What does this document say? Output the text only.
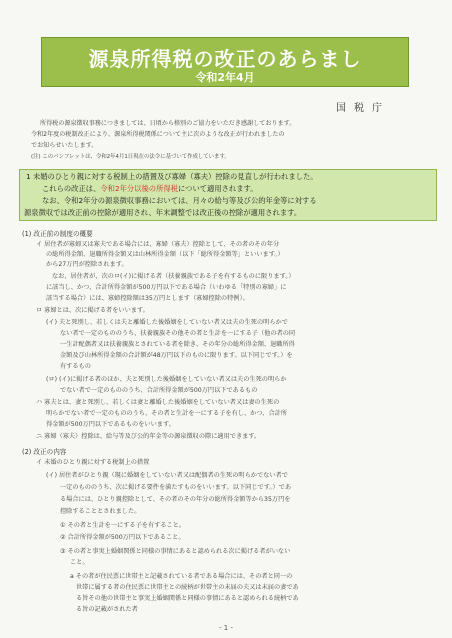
源泉所得税の改正のあらまし
令和2年4月
国税庁
所得税の源泉徴収事務につきましては、日頃から格別のご協力をいただき感謝しております。
令和2年度の税制改正により、源泉所得税関係について主に次のような改正が行われましたの
でお知らせいたします。
(注) このパンフレットは、令和2年4月1日現在の法令に基づいて作成しています。
1 未婚のひとり親に対する税制上の措置及び寡婦（寡夫）控除の見直しが行われました。
これらの改正は、令和2年分以後の所得税について適用されます。
なお、令和2年分の源泉徴収事務においては、月々の給与等及び公的年金等に対する
源泉徴収では改正前の控除が適用され、年末調整では改正後の控除が適用されます。
(1) 改正前の制度の概要
イ 居住者が寡婦又は寡夫である場合には、寡婦（寡夫）控除として、その者のその年分
の総所得金額、退職所得金額又は山林所得金額（以下「総所得金額等」といいます。）
から27万円が控除されます。
なお、居住者が、次のロ(イ)に掲げる者（扶養親族である子を有するものに限ります。）
に該当し、かつ、合計所得金額が500万円以下である場合（いわゆる「特別の寡婦」に
該当する場合）には、寡婦控除額は35万円とします（寡婦控除の特例）。
ロ 寡婦とは、次に掲げる者をいいます。
(イ) 夫と死別し、若しくは夫と離婚した後婚姻をしていない者又は夫の生死の明らかで
ない者で一定のもののうち、扶養親族その他その者と生計を一にする子（他の者の同
一生計配偶者又は扶養親族とされている者を除き、その年分の総所得金額、退職所得
金額及び山林所得金額の合計額が48万円以下のものに限ります。以下同じです。）を
有するもの
(ロ) (イ)に掲げる者のほか、夫と死別した後婚姻をしていない者又は夫の生死の明らか
でない者で一定のもののうち、合計所得金額が500万円以下であるもの
ハ 寡夫とは、妻と死別し、若しくは妻と離婚した後婚姻をしていない者又は妻の生死の
明らかでない者で一定のもののうち、その者と生計を一にする子を有し、かつ、合計所
得金額が500万円以下であるものをいいます。
ニ 寡婦（寡夫）控除は、給与等及び公的年金等の源泉徴収の際に適用できます。
(2) 改正の内容
イ 未婚のひとり親に対する税制上の措置
(イ) 居住者がひとり親（現に婚姻をしていない者又は配偶者の生死の明らかでない者で
一定のもののうち、次に掲げる要件を満たすものをいいます。以下同じです。）であ
る場合には、ひとり親控除として、その者のその年分の総所得金額等から35万円を
控除することとされました。
① その者と生計を一にする子を有すること。
② 合計所得金額が500万円以下であること。
③ その者と事実上婚姻関係と同様の事情にあると認められる次に掲げる者がいない
こと。
a その者が住民票に世帯主と記載されている者である場合には、その者と同一の
世帯に属する者の住民票に世帯主との続柄が世帯主の未届の夫又は未届の妻であ
る旨その他の世帯主と事実上婚姻関係と同様の事情にあると認められる続柄であ
る旨の記載がされた者
- 1 -
